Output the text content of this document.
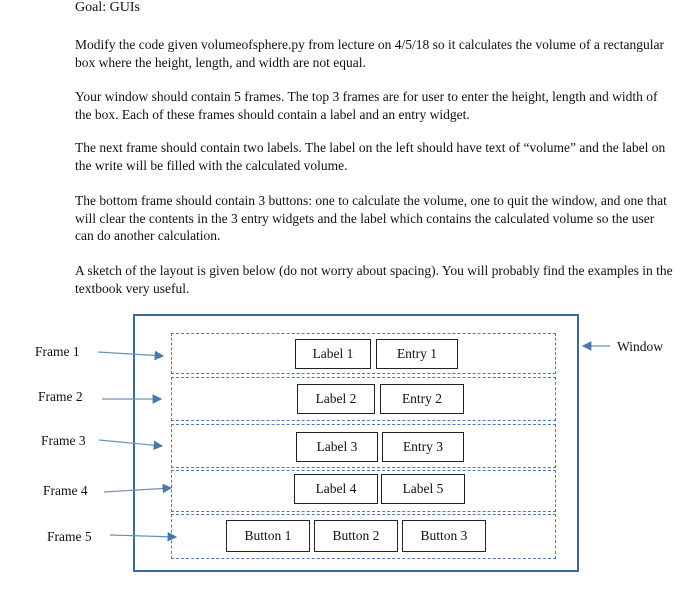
Goal: GUIs

Modify the code given volumeofsphere.py from lecture on 4/5/18 so it calculates the volume of a rectangular box where the height, length, and width are not equal.

Your window should contain 5 frames. The top 3 frames are for user to enter the height, length and width of the box. Each of these frames should contain a label and an entry widget.

The next frame should contain two labels. The label on the left should have text of “volume” and the label on the write will be filled with the calculated volume.

The bottom frame should contain 3 buttons: one to calculate the volume, one to quit the window, and one that will clear the contents in the 3 entry widgets and the label which contains the calculated volume so the user can do another calculation.

A sketch of the layout is given below (do not worry about spacing). You will probably find the examples in the textbook very useful.

Label 1	Entry 1
Label 2	Entry 2
Label 3	Entry 3
Label 4	Label 5
Button 1	Button 2	Button 3
Frame 1
Frame 2
Frame 3
Frame 4
Frame 5
Window
